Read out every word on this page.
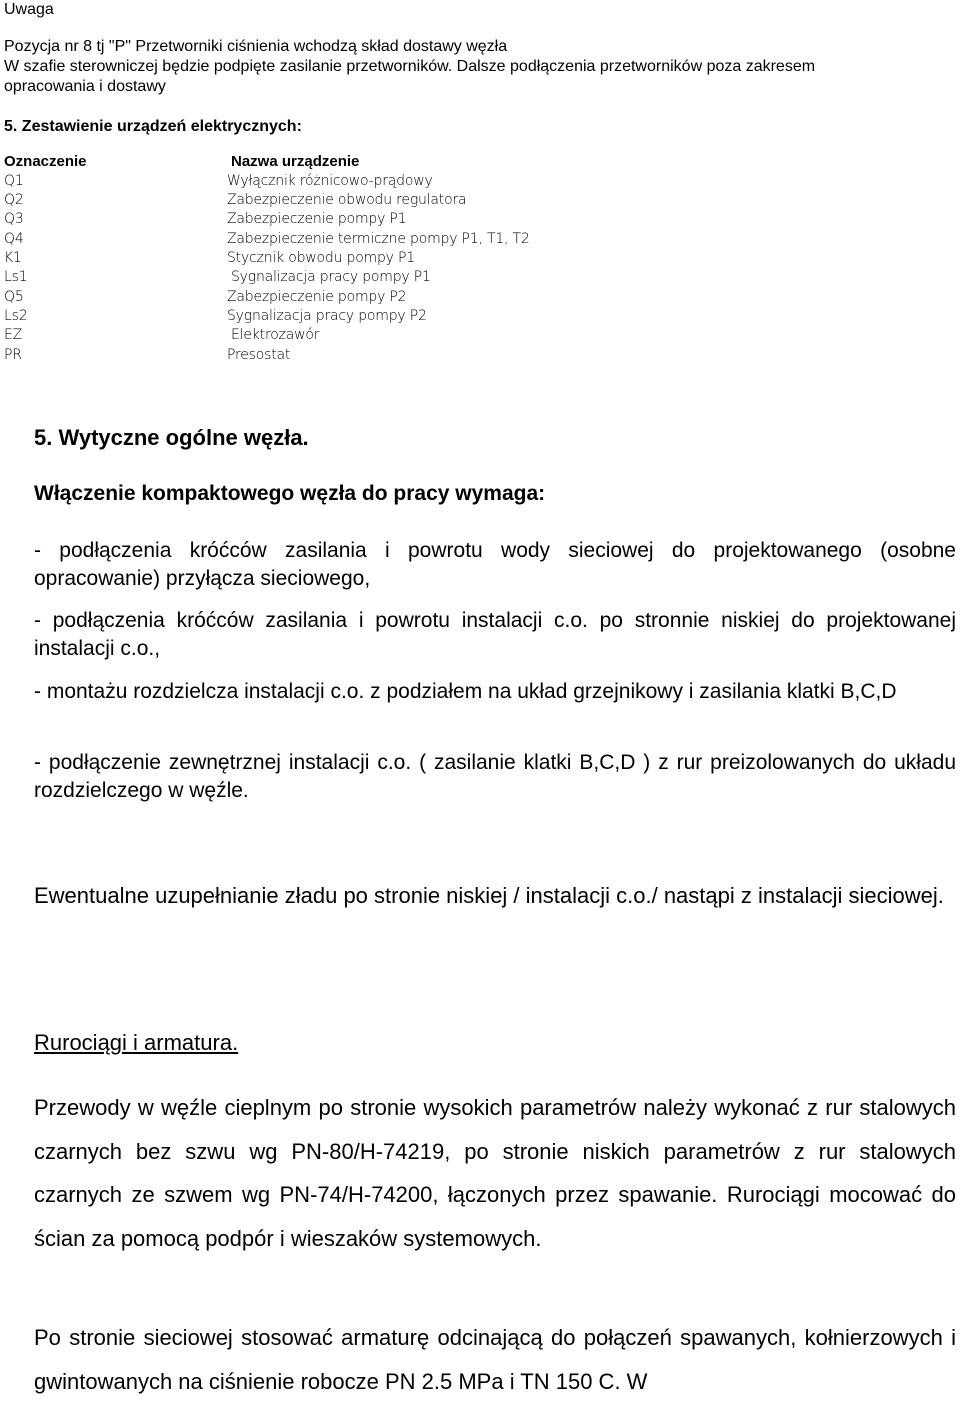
Uwaga
Pozycja nr 8 tj "P" Przetworniki ciśnienia wchodzą skład dostawy węzła
W szafie sterowniczej będzie podpięte zasilanie przetworników. Dalsze podłączenia przetworników poza zakresem
opracowania i dostawy
5. Zestawienie urządzeń elektrycznych:
Oznaczenie	Nazwa urządzenie
Q1	Wyłącznik różnicowo-prądowy
Q2	Zabezpieczenie obwodu regulatora
Q3	Zabezpieczenie pompy P1
Q4	Zabezpieczenie termiczne pompy P1, T1, T2
K1	Stycznik obwodu pompy P1
Ls1	Sygnalizacja pracy pompy P1
Q5	Zabezpieczenie pompy P2
Ls2	Sygnalizacja pracy pompy P2
EZ	Elektrozawór
PR	Presostat
5. Wytyczne ogólne węzła.
Włączenie kompaktowego węzła do pracy wymaga:
- podłączenia króćców zasilania i powrotu wody sieciowej do projektowanego (osobne opracowanie) przyłącza sieciowego,
- podłączenia króćców zasilania i powrotu instalacji c.o. po stronnie niskiej do projektowanej instalacji c.o.,
- montażu rozdzielcza instalacji c.o. z podziałem na układ grzejnikowy i zasilania klatki B,C,D
- podłączenie zewnętrznej instalacji c.o. ( zasilanie klatki B,C,D ) z rur preizolowanych do układu rozdzielczego w węźle.
Ewentualne uzupełnianie zładu po stronie niskiej / instalacji c.o./ nastąpi z instalacji sieciowej.
Rurociągi i armatura.
Przewody w węźle cieplnym po stronie wysokich parametrów należy wykonać z rur stalowych czarnych bez szwu wg PN-80/H-74219, po stronie niskich parametrów z rur stalowych czarnych ze szwem wg PN-74/H-74200, łączonych przez spawanie. Rurociągi mocować do ścian za pomocą podpór i wieszaków systemowych.
Po stronie sieciowej stosować armaturę odcinającą do połączeń spawanych, kołnierzowych i gwintowanych na ciśnienie robocze PN 2.5 MPa i TN 150 C. W
